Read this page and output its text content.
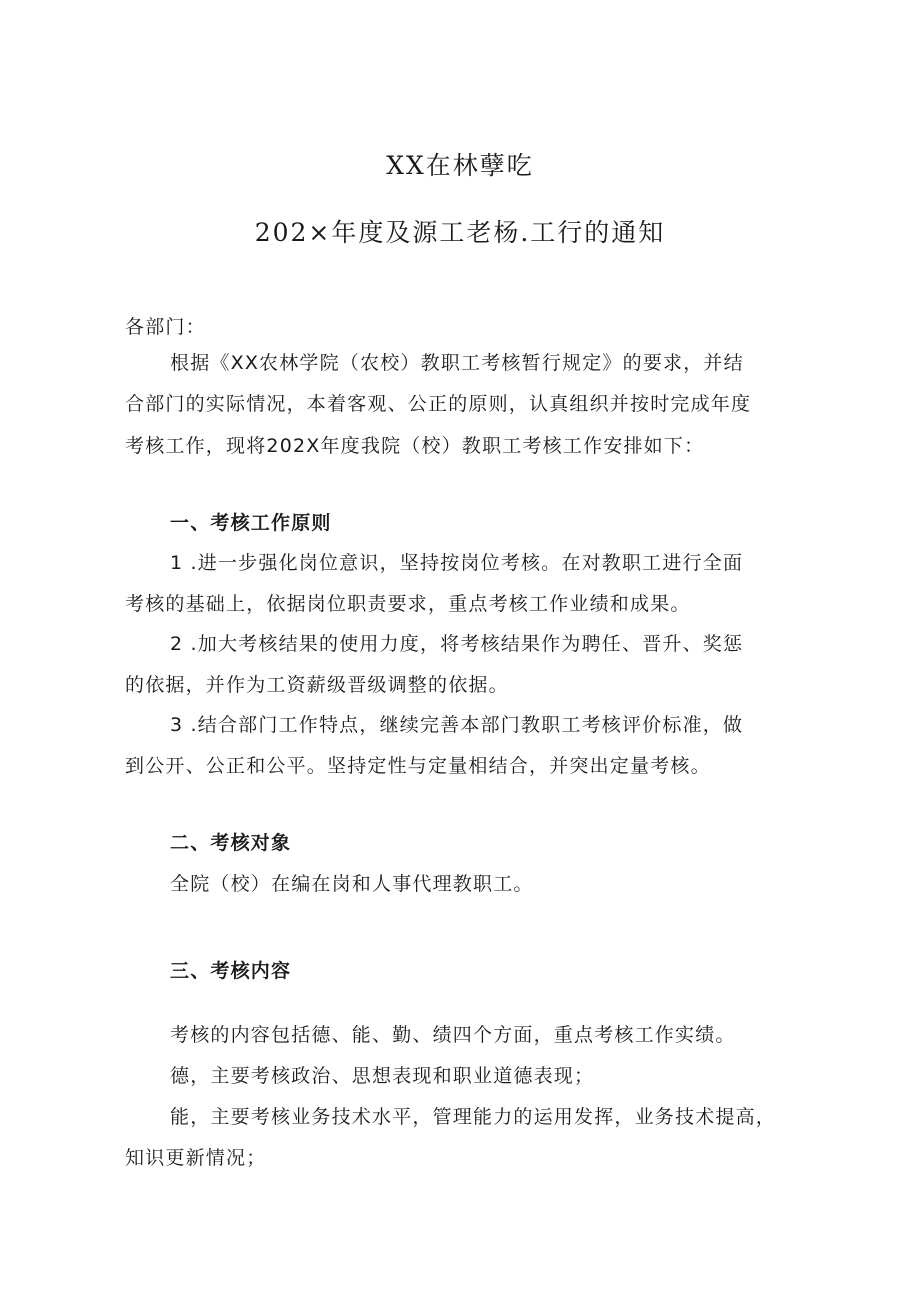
XX在林孽吃
202×年度及源工老杨.工行的通知
各部门：
根据《XX农林学院（农校）教职工考核暂行规定》的要求，并结
合部门的实际情况，本着客观、公正的原则，认真组织并按时完成年度
考核工作，现将202X年度我院（校）教职工考核工作安排如下：
一、考核工作原则
1 .进一步强化岗位意识，坚持按岗位考核。在对教职工进行全面
考核的基础上，依据岗位职责要求，重点考核工作业绩和成果。
2 .加大考核结果的使用力度，将考核结果作为聘任、晋升、奖惩
的依据，并作为工资薪级晋级调整的依据。
3 .结合部门工作特点，继续完善本部门教职工考核评价标准，做
到公开、公正和公平。坚持定性与定量相结合，并突出定量考核。
二、考核对象
全院（校）在编在岗和人事代理教职工。
三、考核内容
考核的内容包括德、能、勤、绩四个方面，重点考核工作实绩。
德，主要考核政治、思想表现和职业道德表现；
能，主要考核业务技术水平，管理能力的运用发挥，业务技术提高，
知识更新情况；
